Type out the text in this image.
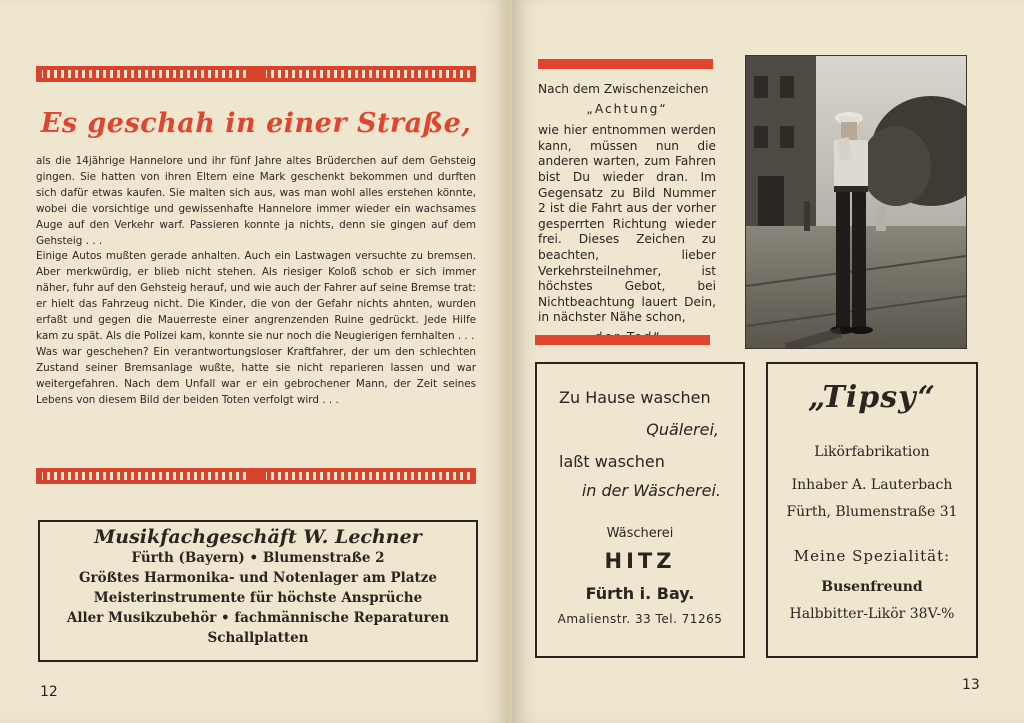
Es geschah in einer Straße,

als die 14jährige Hannelore und ihr fünf Jahre altes Brüderchen auf dem Gehsteig gingen. Sie hatten von ihren Eltern eine Mark geschenkt bekommen und durften sich dafür etwas kaufen. Sie malten sich aus, was man wohl alles erstehen könnte, wobei die vorsichtige und gewissenhafte Hannelore immer wieder ein wachsames Auge auf den Verkehr warf. Passieren konnte ja nichts, denn sie gingen auf dem Gehsteig . . .

Einige Autos mußten gerade anhalten. Auch ein Lastwagen versuchte zu bremsen. Aber merkwürdig, er blieb nicht stehen. Als riesiger Koloß schob er sich immer näher, fuhr auf den Gehsteig herauf, und wie auch der Fahrer auf seine Bremse trat: er hielt das Fahrzeug nicht. Die Kinder, die von der Gefahr nichts ahnten, wurden erfaßt und gegen die Mauerreste einer angrenzenden Ruine gedrückt. Jede Hilfe kam zu spät. Als die Polizei kam, konnte sie nur noch die Neugierigen fernhalten . . .

Was war geschehen? Ein verantwortungsloser Kraftfahrer, der um den schlechten Zustand seiner Bremsanlage wußte, hatte sie nicht reparieren lassen und war weitergefahren. Nach dem Unfall war er ein gebrochener Mann, der Zeit seines Lebens von diesem Bild der beiden Toten verfolgt wird . . .

Musikfachgeschäft W. Lechner
Fürth (Bayern) • Blumenstraße 2
Größtes Harmonika- und Notenlager am Platze
Meisterinstrumente für höchste Ansprüche
Aller Musikzubehör • fachmännische Reparaturen
Schallplatten
12

Nach dem Zwischenzeichen

„Achtung“

wie hier entnommen werden kann, müssen nun die anderen warten, zum Fahren bist Du wieder dran. Im Gegensatz zu Bild Nummer 2 ist die Fahrt aus der vorher gesperrten Richtung wieder frei. Dieses Zeichen zu beachten, lieber Verkehrsteilnehmer, ist höchstes Gebot, bei Nichtbeachtung lauert Dein, in nächster Nähe schon,

Zu Hause waschen
Quälerei,
laßt waschen
in der Wäscherei.
Wäscherei
HITZ
Fürth i. Bay.
Amalienstr. 33 Tel. 71265
„Tipsy“
Likörfabrikation
Inhaber A. Lauterbach
Fürth, Blumenstraße 31
Meine Spezialität:
Busenfreund
Halbbitter-Likör 38V-%
13
